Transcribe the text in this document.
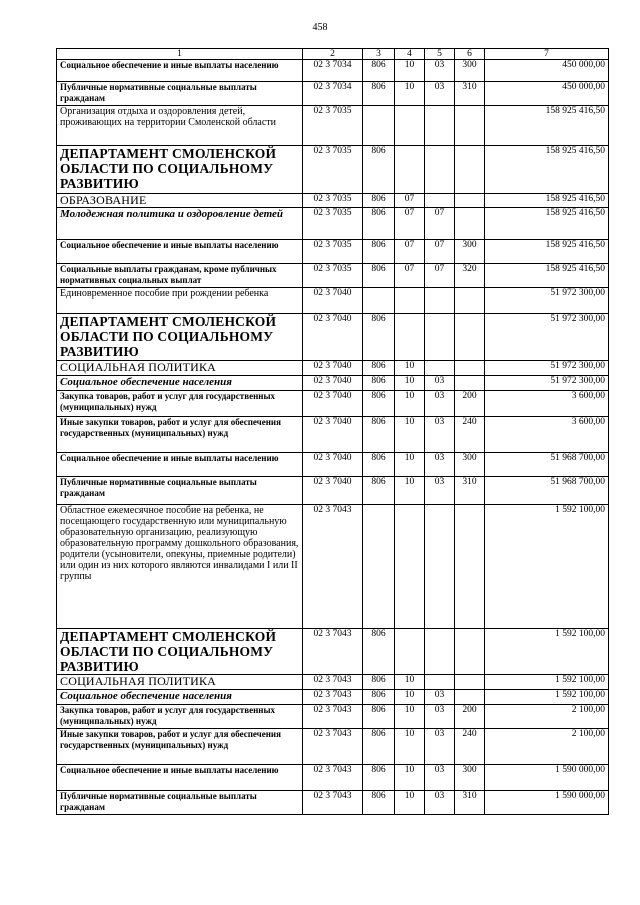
458
1	2	3	4	5	6	7
Социальное обеспечение и иные выплаты населению	02 3 7034	806	10	03	300	450 000,00
Публичные нормативные социальные выплаты гражданам	02 3 7034	806	10	03	310	450 000,00
Организация отдыха и оздоровления детей, проживающих на территории Смоленской области	02 3 7035					158 925 416,50
ДЕПАРТАМЕНТ СМОЛЕНСКОЙ ОБЛАСТИ ПО СОЦИАЛЬНОМУ РАЗВИТИЮ	02 3 7035	806				158 925 416,50
ОБРАЗОВАНИЕ	02 3 7035	806	07			158 925 416,50
Молодежная политика и оздоровление детей	02 3 7035	806	07	07		158 925 416,50
Социальное обеспечение и иные выплаты населению	02 3 7035	806	07	07	300	158 925 416,50
Социальные выплаты гражданам, кроме публичных нормативных социальных выплат	02 3 7035	806	07	07	320	158 925 416,50
Единовременное пособие при рождении ребенка	02 3 7040					51 972 300,00
ДЕПАРТАМЕНТ СМОЛЕНСКОЙ ОБЛАСТИ ПО СОЦИАЛЬНОМУ РАЗВИТИЮ	02 3 7040	806				51 972 300,00
СОЦИАЛЬНАЯ ПОЛИТИКА	02 3 7040	806	10			51 972 300,00
Социальное обеспечение населения	02 3 7040	806	10	03		51 972 300,00
Закупка товаров, работ и услуг для государственных (муниципальных) нужд	02 3 7040	806	10	03	200	3 600,00
Иные закупки товаров, работ и услуг для обеспечения государственных (муниципальных) нужд	02 3 7040	806	10	03	240	3 600,00
Социальное обеспечение и иные выплаты населению	02 3 7040	806	10	03	300	51 968 700,00
Публичные нормативные социальные выплаты гражданам	02 3 7040	806	10	03	310	51 968 700,00
Областное ежемесячное пособие на ребенка, не посещающего государственную или муниципальную образовательную организацию, реализующую образовательную программу дошкольного образования, родители (усыновители, опекуны, приемные родители) или один из них которого являются инвалидами I или II группы	02 3 7043					1 592 100,00
ДЕПАРТАМЕНТ СМОЛЕНСКОЙ ОБЛАСТИ ПО СОЦИАЛЬНОМУ РАЗВИТИЮ	02 3 7043	806				1 592 100,00
СОЦИАЛЬНАЯ ПОЛИТИКА	02 3 7043	806	10			1 592 100,00
Социальное обеспечение населения	02 3 7043	806	10	03		1 592 100,00
Закупка товаров, работ и услуг для государственных (муниципальных) нужд	02 3 7043	806	10	03	200	2 100,00
Иные закупки товаров, работ и услуг для обеспечения государственных (муниципальных) нужд	02 3 7043	806	10	03	240	2 100,00
Социальное обеспечение и иные выплаты населению	02 3 7043	806	10	03	300	1 590 000,00
Публичные нормативные социальные выплаты гражданам	02 3 7043	806	10	03	310	1 590 000,00
